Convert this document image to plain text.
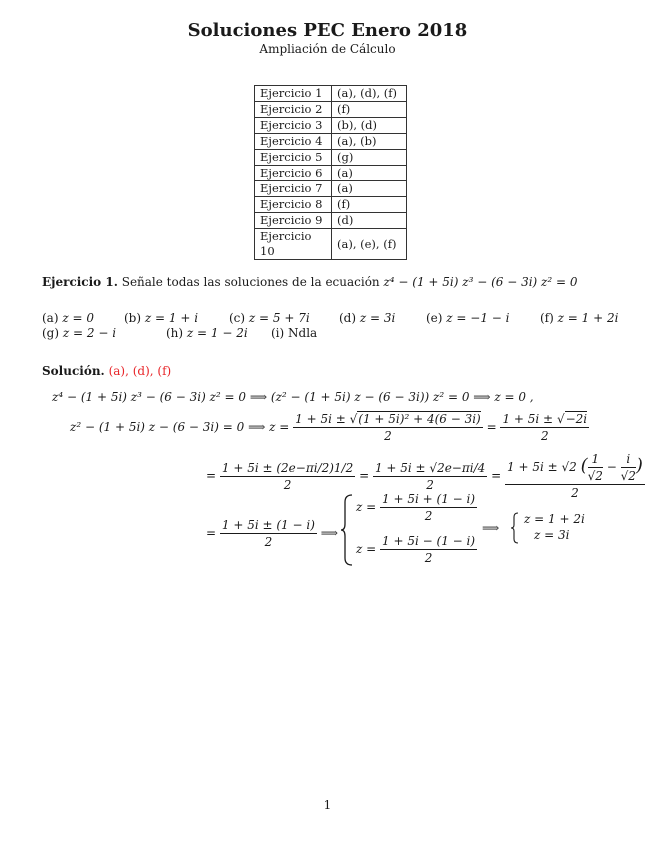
Soluciones PEC Enero 2018
Ampliación de Cálculo
Ejercicio 1	(a), (d), (f)
Ejercicio 2	(f)
Ejercicio 3	(b), (d)
Ejercicio 4	(a), (b)
Ejercicio 5	(g)
Ejercicio 6	(a)
Ejercicio 7	(a)
Ejercicio 8	(f)
Ejercicio 9	(d)
Ejercicio 10	(a), (e), (f)
Ejercicio 1. Señale todas las soluciones de la ecuación z⁴ − (1 + 5i) z³ − (6 − 3i) z² = 0
(a) z = 0	(b) z = 1 + i	(c) z = 5 + 7i (d) z = 3i	(e) z = −1 − i	(f) z = 1 + 2i
(g) z = 2 − i	(h) z = 1 − 2i (i) Ndla
Solución. (a), (d), (f)
z⁴ − (1 + 5i) z³ − (6 − 3i) z² = 0 ⟹ (z² − (1 + 5i) z − (6 − 3i)) z² = 0 ⟹ z = 0 ,
z² − (1 + 5i) z − (6 − 3i) = 0 ⟹ $z = \frac{\text{1 + 5i ± √(1 + 5i)² + 4(6 − 3i)}}{2} = \frac{1 + 5i \pm √-2i}{2}$
= $\frac{1 + 5i \pm (2e-\pi i/2)1/2}{2} = \frac{1 + 5i \pm √2e-\pi i/4}{2} = \frac{1 + 5i \pm √2 ( \frac{1}{√2} - \frac{i}{√2} )}{2}$
= $\frac{1 + 5i \pm (1 - i)}{2}$ ⟹
$z = \frac{1 + 5i + (1 - i)}{2}$
$z = \frac{1 + 5i - (1 - i)}{2}$
⟹
z = 1 + 2i
z = 3i
1
